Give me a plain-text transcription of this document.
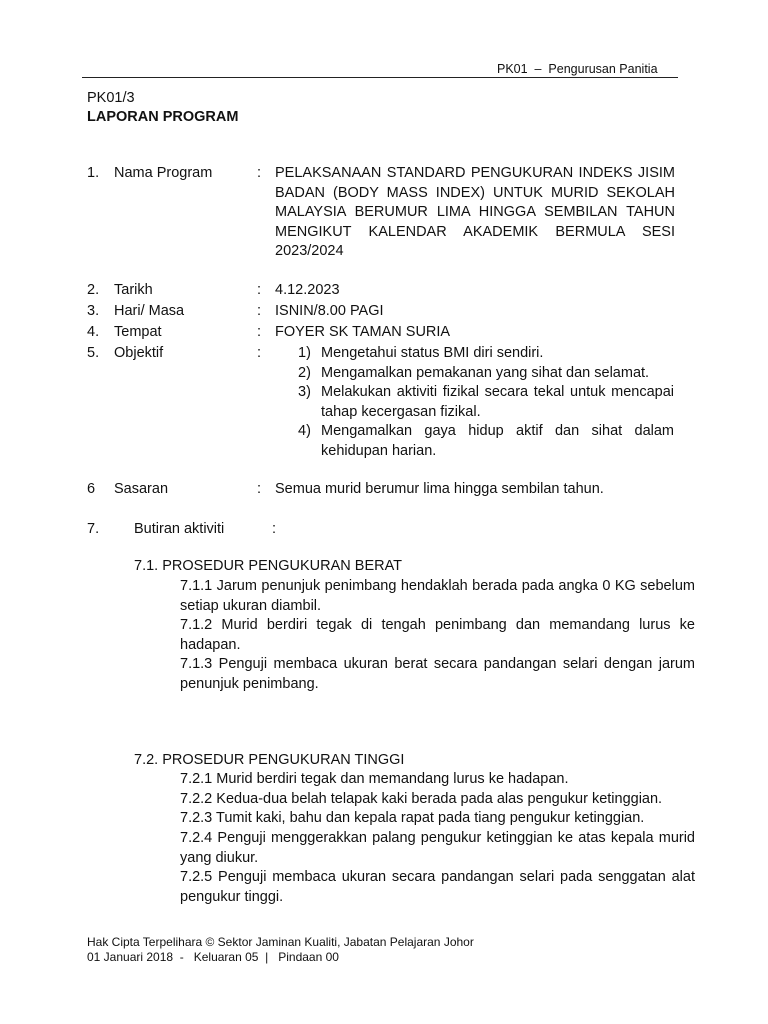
PK01  –  Pengurusan Panitia
PK01/3
LAPORAN PROGRAM
1. Nama Program	: PELAKSANAAN STANDARD PENGUKURAN INDEKS JISIM BADAN (BODY MASS INDEX) UNTUK MURID SEKOLAH MALAYSIA BERUMUR LIMA HINGGA SEMBILAN TAHUN MENGIKUT KALENDAR AKADEMIK BERMULA SESI 2023/2024
2. Tarikh	: 4.12.2023
3. Hari/ Masa	: ISNIN/8.00 PAGI
4. Tempat	: FOYER SK TAMAN SURIA
5. Objektif	:	1) Mengetahui status BMI diri sendiri.
2) Mengamalkan pemakanan yang sihat dan selamat.
3) Melakukan aktiviti fizikal secara tekal untuk mencapai tahap kecergasan fizikal.
4) Mengamalkan gaya hidup aktif dan sihat dalam kehidupan harian.
6 Sasaran	: Semua murid berumur lima hingga sembilan tahun.
7. Butiran aktiviti	:
7.1. PROSEDUR PENGUKURAN BERAT
7.1.1 Jarum penunjuk penimbang hendaklah berada pada angka 0 KG sebelum setiap ukuran diambil.
7.1.2 Murid berdiri tegak di tengah penimbang dan memandang lurus ke hadapan.
7.1.3 Penguji membaca ukuran berat secara pandangan selari dengan jarum penunjuk penimbang.
7.2. PROSEDUR PENGUKURAN TINGGI
7.2.1 Murid berdiri tegak dan memandang lurus ke hadapan.
7.2.2 Kedua-dua belah telapak kaki berada pada alas pengukur ketinggian.
7.2.3 Tumit kaki, bahu dan kepala rapat pada tiang pengukur ketinggian.
7.2.4 Penguji menggerakkan palang pengukur ketinggian ke atas kepala murid yang diukur.
7.2.5 Penguji membaca ukuran secara pandangan selari pada senggatan alat pengukur tinggi.
Hak Cipta Terpelihara © Sektor Jaminan Kualiti, Jabatan Pelajaran Johor
01 Januari 2018  -   Keluaran 05  |   Pindaan 00
